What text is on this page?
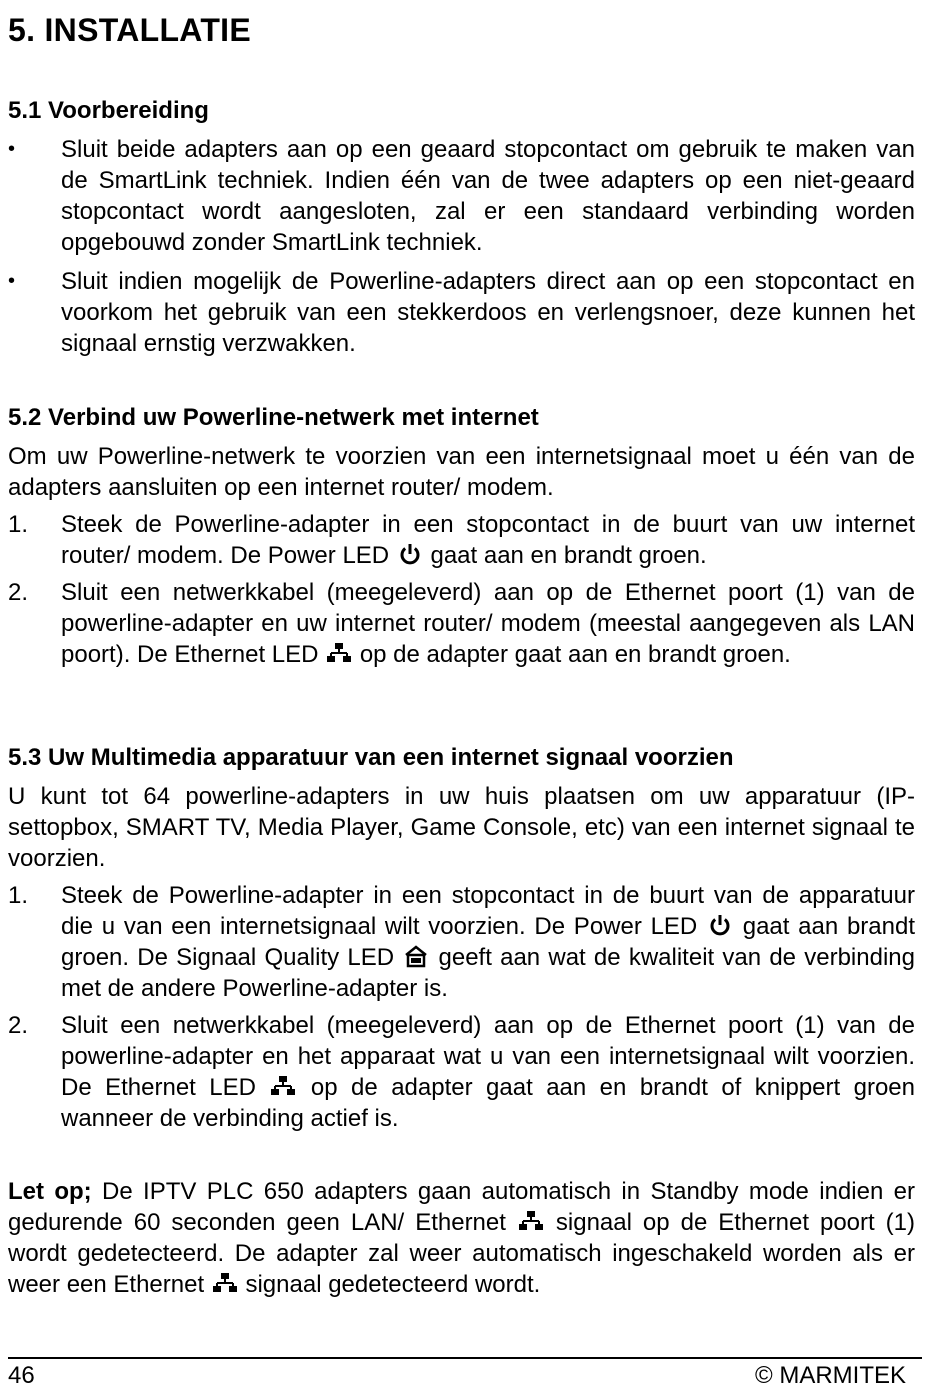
5. INSTALLATIE
5.1 Voorbereiding
•	Sluit beide adapters aan op een geaard stopcontact om gebruik te maken van de SmartLink techniek. Indien één van de twee adapters op een niet-geaard stopcontact wordt aangesloten, zal er een standaard verbinding worden opgebouwd zonder SmartLink techniek.

•	Sluit indien mogelijk de Powerline-adapters direct aan op een stopcontact en voorkom het gebruik van een stekkerdoos en verlengsnoer, deze kunnen het signaal ernstig verzwakken.

5.2 Verbind uw Powerline-netwerk met internet

Om uw Powerline-netwerk te voorzien van een internetsignaal moet u één van de adapters aansluiten op een internet router/ modem.

1. Steek de Powerline-adapter in een stopcontact in de buurt van uw internet router/ modem. De Power LED gaat aan en brandt groen.

2. Sluit een netwerkkabel (meegeleverd) aan op de Ethernet poort (1) van de powerline-adapter en uw internet router/ modem (meestal aangegeven als LAN poort). De Ethernet LED op de adapter gaat aan en brandt groen.

5.3 Uw Multimedia apparatuur van een internet signaal voorzien

U kunt tot 64 powerline-adapters in uw huis plaatsen om uw apparatuur (IP-settopbox, SMART TV, Media Player, Game Console, etc) van een internet signaal te voorzien.

1. Steek de Powerline-adapter in een stopcontact in de buurt van de apparatuur die u van een internetsignaal wilt voorzien. De Power LED gaat aan brandt groen. De Signaal Quality LED geeft aan wat de kwaliteit van de verbinding met de andere Powerline-adapter is.

2. Sluit een netwerkkabel (meegeleverd) aan op de Ethernet poort (1) van de powerline-adapter en het apparaat wat u van een internetsignaal wilt voorzien. De Ethernet LED op de adapter gaat aan en brandt of knippert groen wanneer de verbinding actief is.

Let op; De IPTV PLC 650 adapters gaan automatisch in Standby mode indien er gedurende 60 seconden geen LAN/ Ethernet
signaal op de Ethernet poort (1) wordt gedetecteerd. De adapter zal weer automatisch ingeschakeld worden als er weer een Ethernet
signaal gedetecteerd wordt.

46	© MARMITEK
